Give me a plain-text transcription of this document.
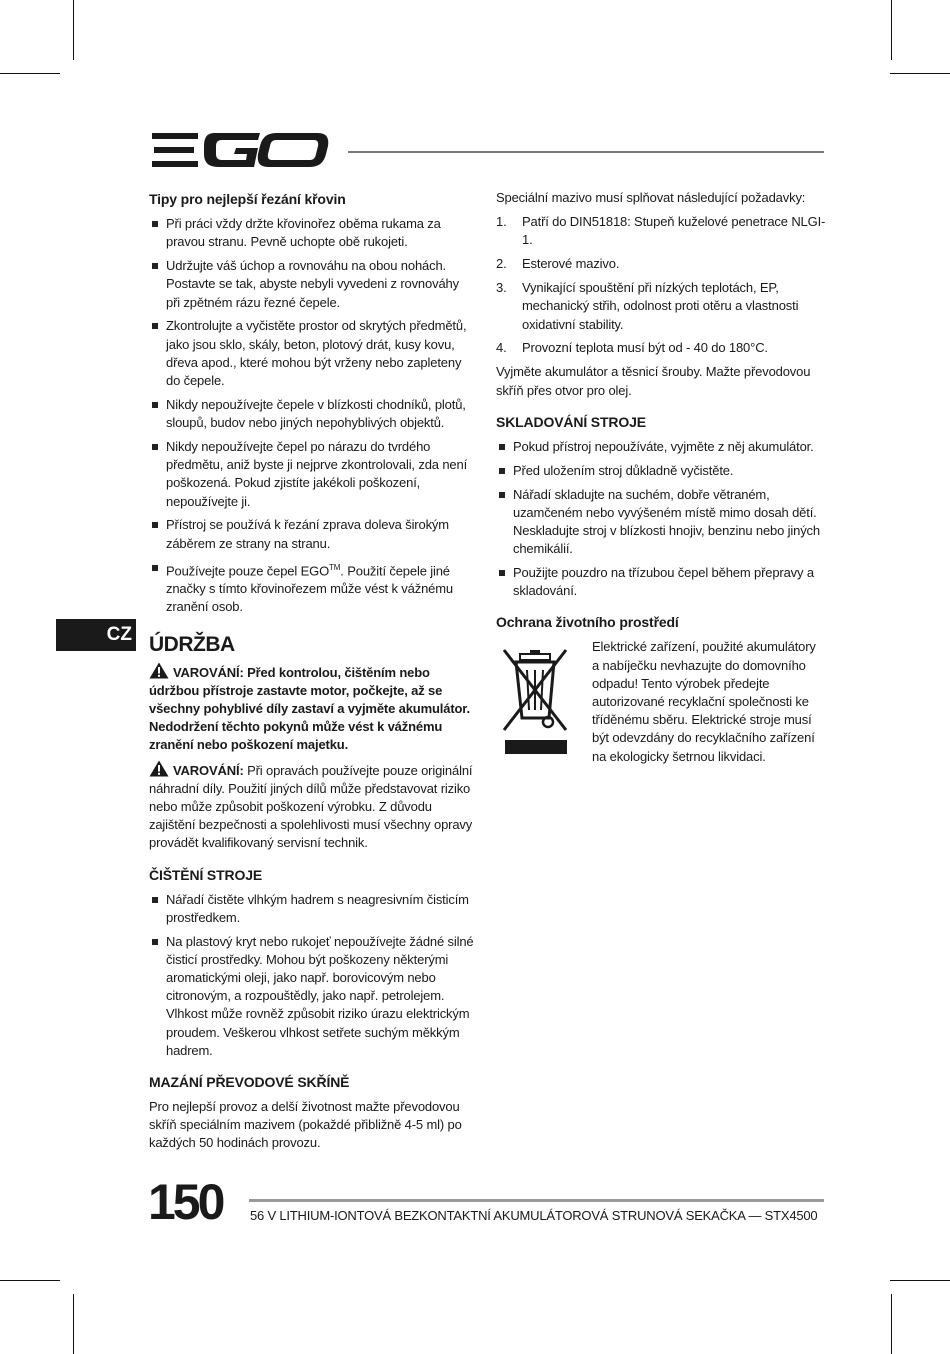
CZ
Tipy pro nejlepší řezání křovin
Při práci vždy držte křovinořez oběma rukama za pravou stranu. Pevně uchopte obě rukojeti.
Udržujte váš úchop a rovnováhu na obou nohách. Postavte se tak, abyste nebyli vyvedeni z rovnováhy při zpětném rázu řezné čepele.
Zkontrolujte a vyčistěte prostor od skrytých předmětů, jako jsou sklo, skály, beton, plotový drát, kusy kovu, dřeva apod., které mohou být vrženy nebo zapleteny do čepele.
Nikdy nepoužívejte čepele v blízkosti chodníků, plotů, sloupů, budov nebo jiných nepohyblivých objektů.
Nikdy nepoužívejte čepel po nárazu do tvrdého předmětu, aniž byste ji nejprve zkontrolovali, zda není poškozená. Pokud zjistíte jakékoli poškození, nepoužívejte ji.
Přístroj se používá k řezání zprava doleva širokým záběrem ze strany na stranu.
Používejte pouze čepel EGO™. Použití čepele jiné značky s tímto křovinořezem může vést k vážnému zranění osob.
ÚDRŽBA

VAROVÁNÍ: Před kontrolou, čištěním nebo údržbou přístroje zastavte motor, počkejte, až se všechny pohyblivé díly zastaví a vyjměte akumulátor. Nedodržení těchto pokynů může vést k vážnému zranění nebo poškození majetku.

VAROVÁNÍ: Při opravách používejte pouze originální náhradní díly. Použití jiných dílů může představovat riziko nebo může způsobit poškození výrobku. Z důvodu zajištění bezpečnosti a spolehlivosti musí všechny opravy provádět kvalifikovaný servisní technik.

ČIŠTĚNÍ STROJE
Nářadí čistěte vlhkým hadrem s neagresivním čisticím prostředkem.
Na plastový kryt nebo rukojeť nepoužívejte žádné silné čisticí prostředky. Mohou být poškozeny některými aromatickými oleji, jako např. borovicovým nebo citronovým, a rozpouštědly, jako např. petrolejem. Vlhkost může rovněž způsobit riziko úrazu elektrickým proudem. Veškerou vlhkost setřete suchým měkkým hadrem.
MAZÁNÍ PŘEVODOVÉ SKŘÍNĚ

Pro nejlepší provoz a delší životnost mažte převodovou skříň speciálním mazivem (pokaždé přibližně 4-5 ml) po každých 50 hodinách provozu.

Speciální mazivo musí splňovat následující požadavky:

1. Patří do DIN51818: Stupeň kuželové penetrace NLGI-1.
2. Esterové mazivo.
3. Vynikající spouštění při nízkých teplotách, EP, mechanický střih, odolnost proti otěru a vlastnosti oxidativní stability.
4. Provozní teplota musí být od - 40 do 180°C.

Vyjměte akumulátor a těsnicí šrouby. Mažte převodovou skříň přes otvor pro olej.

SKLADOVÁNÍ STROJE
Pokud přístroj nepoužíváte, vyjměte z něj akumulátor.
Před uložením stroj důkladně vyčistěte.
Nářadí skladujte na suchém, dobře větraném, uzamčeném nebo vyvýšeném místě mimo dosah dětí. Neskladujte stroj v blízkosti hnojiv, benzinu nebo jiných chemikálií.
Použijte pouzdro na třízubou čepel během přepravy a skladování.
Ochrana životního prostředí
Elektrické zařízení, použité akumulátory a nabíječku nevhazujte do domovního odpadu! Tento výrobek předejte autorizované recyklační společnosti ke tříděnému sběru. Elektrické stroje musí být odevzdány do recyklačního zařízení na ekologicky šetrnou likvidaci.
150 56 V LITHIUM-IONTOVÁ BEZKONTAKTNÍ AKUMULÁTOROVÁ STRUNOVÁ SEKAČKA — STX4500
